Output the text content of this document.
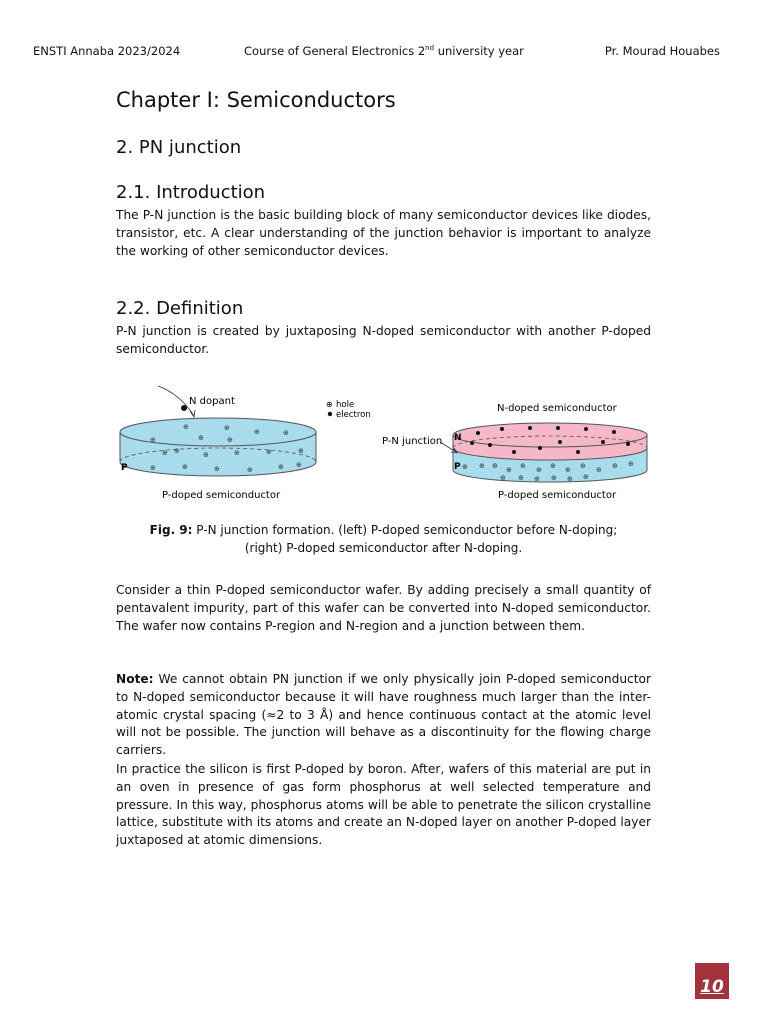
ENSTI Annaba 2023/2024	Course of General Electronics 2nd university year	Pr. Mourad Houabes
Chapter I: Semiconductors
2. PN junction
2.1. Introduction

The P-N junction is the basic building block of many semiconductor devices like diodes, transistor, etc. A clear understanding of the junction behavior is important to analyze the working of other semiconductor devices.

2.2. Definition

P-N junction is created by juxtaposing N-doped semiconductor with another P-doped semiconductor.

⊕	⊕	⊕	⊕
⊕	⊕	⊕
⊕ ⊕	⊕	⊕	⊕	⊕
⊕	⊕	⊕	⊕	⊕ ⊕
P
N dopant
P-doped semiconductor
⊕ hole
electron
⊕ ⊕ ⊕ ⊕ ⊕ ⊕ ⊕ ⊕ ⊕ ⊕ ⊕ ⊕
⊕ ⊕ ⊕ ⊕ ⊕ ⊕
N
P
N-doped semiconductor
P-doped semiconductor
P-N junction

Fig. 9: P-N junction formation. (left) P-doped semiconductor before N-doping;
(right) P-doped semiconductor after N-doping.

Consider a thin P-doped semiconductor wafer. By adding precisely a small quantity of pentavalent impurity, part of this wafer can be converted into N-doped semiconductor. The wafer now contains P-region and N-region and a junction between them.

Note: We cannot obtain PN junction if we only physically join P-doped semiconductor to N-doped semiconductor because it will have roughness much larger than the inter-atomic crystal spacing (≈2 to 3 Å) and hence continuous contact at the atomic level will not be possible. The junction will behave as a discontinuity for the flowing charge carriers.

In practice the silicon is first P-doped by boron. After, wafers of this material are put in an oven in presence of gas form phosphorus at well selected temperature and pressure. In this way, phosphorus atoms will be able to penetrate the silicon crystalline lattice, substitute with its atoms and create an N-doped layer on another P-doped layer juxtaposed at atomic dimensions.

10
